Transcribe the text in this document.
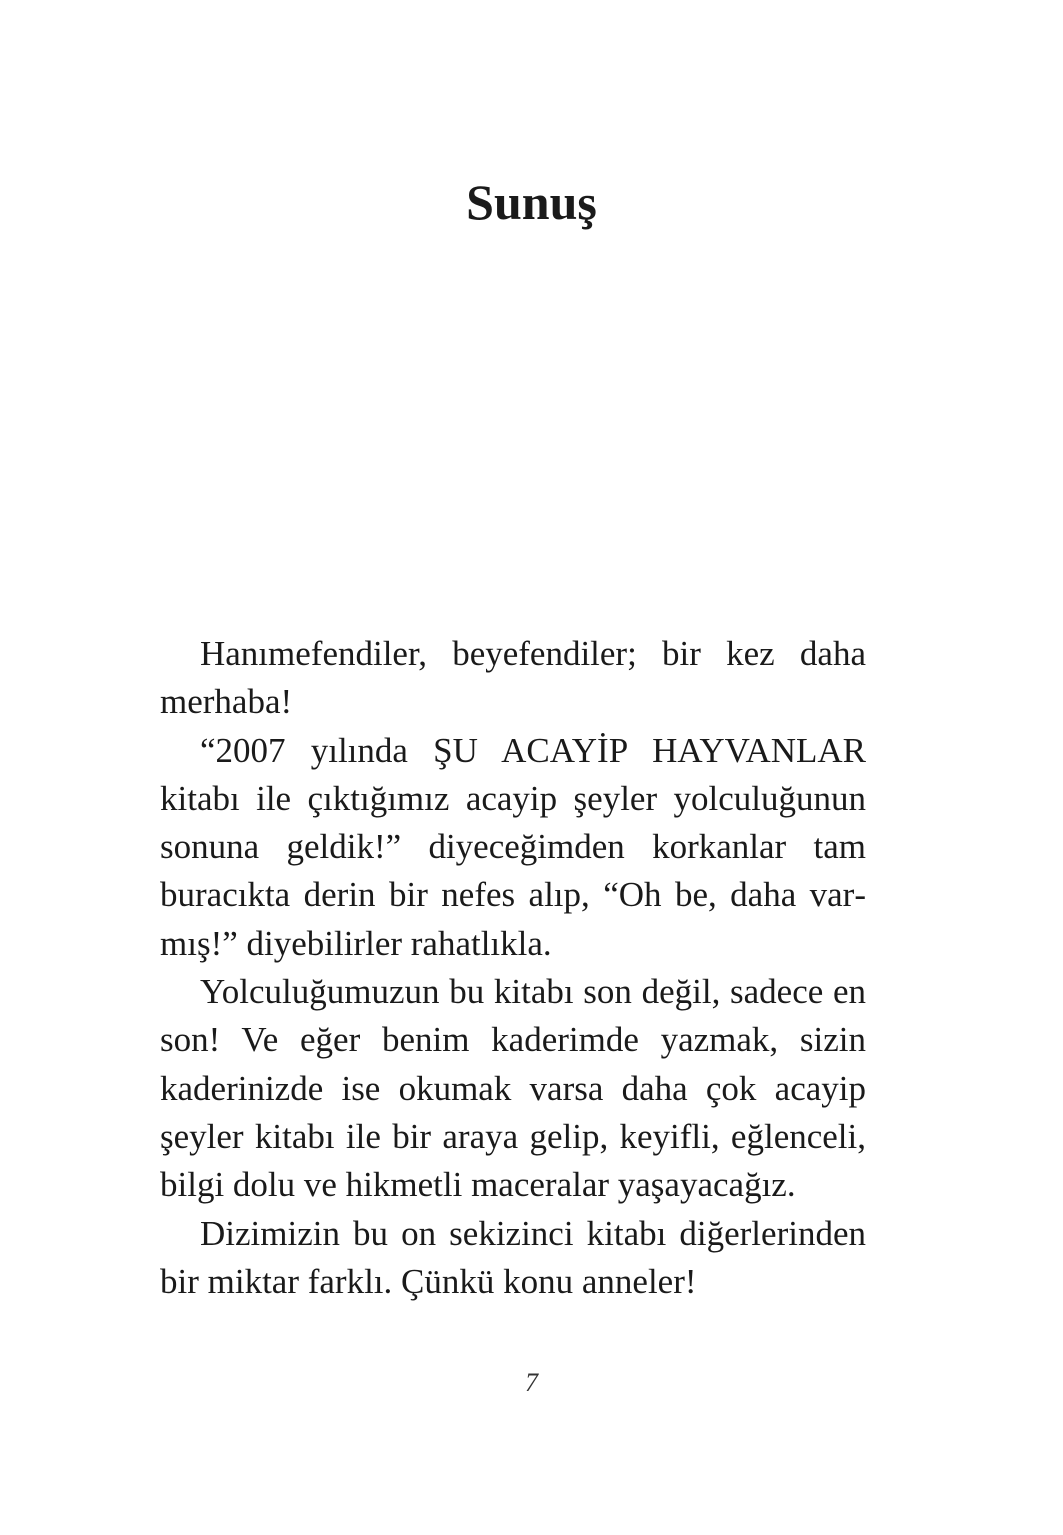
Sunuş

Hanımefendiler, beyefendiler; bir kez daha merhaba!

“2007 yılında ŞU ACAYİP HAYVANLAR kitabı ile çıktığımız acayip şeyler yolculuğunun sonuna geldik!” diyeceğimden korkanlar tam buracıkta derin bir nefes alıp, “Oh be, daha varmış!” diyebilirler rahatlıkla.

Yolculuğumuzun bu kitabı son değil, sadece en son! Ve eğer benim kaderimde yazmak, sizin kaderinizde ise okumak varsa daha çok acayip şeyler kitabı ile bir araya gelip, keyifli, eğlenceli, bilgi dolu ve hikmetli maceralar yaşayacağız.

Dizimizin bu on sekizinci kitabı diğerlerinden bir miktar farklı. Çünkü konu anneler!

7
